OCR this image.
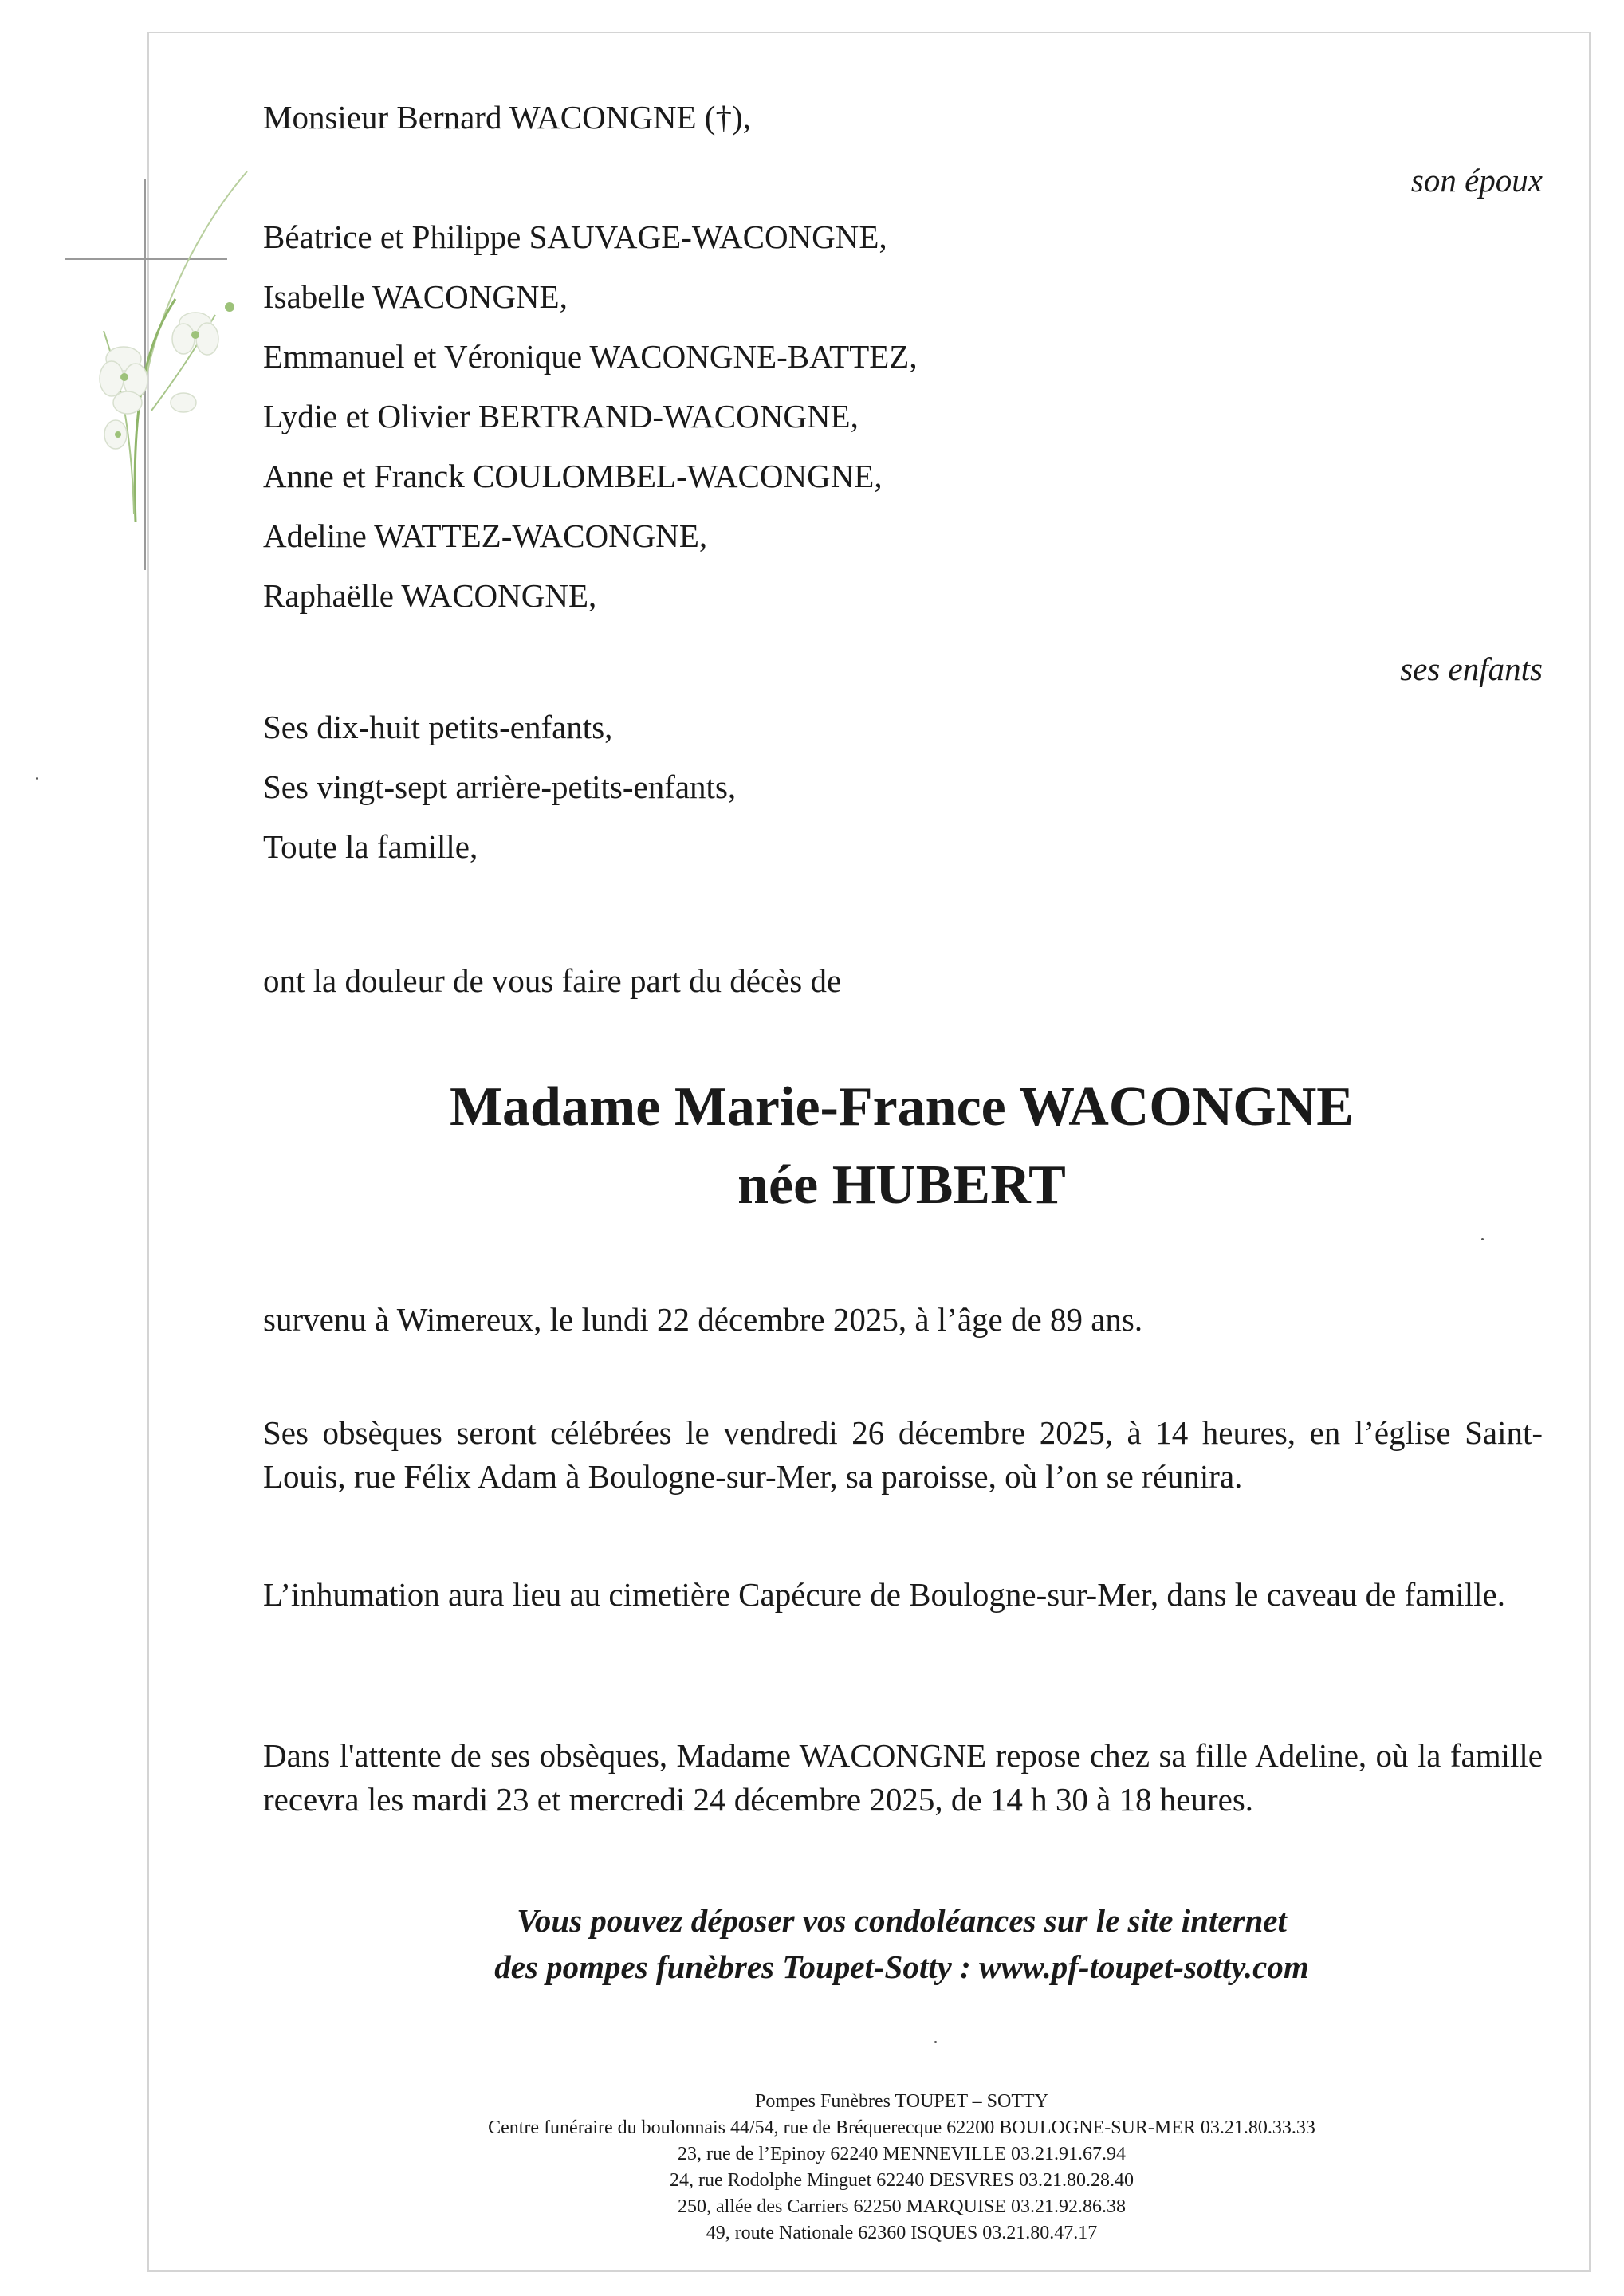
Monsieur Bernard WACONGNE (†),
son époux
Béatrice et Philippe SAUVAGE-WACONGNE,
Isabelle WACONGNE,
Emmanuel et Véronique WACONGNE-BATTEZ,
Lydie et Olivier BERTRAND-WACONGNE,
Anne et Franck COULOMBEL-WACONGNE,
Adeline WATTEZ-WACONGNE,
Raphaëlle WACONGNE,
ses enfants
Ses dix-huit petits-enfants,
Ses vingt-sept arrière-petits-enfants,
Toute la famille,
ont la douleur de vous faire part du décès de
Madame Marie-France WACONGNE
née HUBERT
survenu à Wimereux, le lundi 22 décembre 2025, à l’âge de 89 ans.
Ses obsèques seront célébrées le vendredi 26 décembre 2025, à 14 heures, en l’église Saint-Louis, rue Félix Adam à Boulogne-sur-Mer, sa paroisse, où l’on se réunira.
L’inhumation aura lieu au cimetière Capécure de Boulogne-sur-Mer, dans le caveau de famille.
Dans l'attente de ses obsèques, Madame WACONGNE repose chez sa fille Adeline, où la famille recevra les mardi 23 et mercredi 24 décembre 2025, de 14 h 30 à 18 heures.
Vous pouvez déposer vos condoléances sur le site internet
des pompes funèbres Toupet-Sotty : www.pf-toupet-sotty.com
Pompes Funèbres TOUPET – SOTTY
Centre funéraire du boulonnais 44/54, rue de Bréquerecque 62200 BOULOGNE-SUR-MER 03.21.80.33.33
23, rue de l’Epinoy 62240 MENNEVILLE 03.21.91.67.94
24, rue Rodolphe Minguet 62240 DESVRES 03.21.80.28.40
250, allée des Carriers 62250 MARQUISE 03.21.92.86.38
49, route Nationale 62360 ISQUES 03.21.80.47.17
